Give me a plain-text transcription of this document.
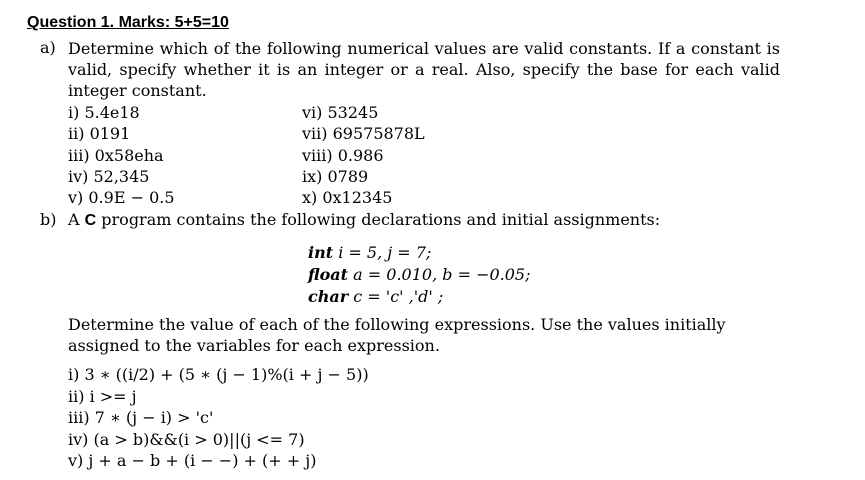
Question 1. Marks: 5+5=10
a) Determine which of the following numerical values are valid constants. If a constant is valid, specify whether it is an integer or a real. Also, specify the base for each valid integer constant.
i) 5.4e18
ii) 0191
iii) 0x58eha
iv) 52,345
v) 0.9E − 0.5
vi) 53245
vii) 69575878L
viii) 0.986
ix) 0789
x) 0x12345
b) A C program contains the following declarations and initial assignments:
int i = 5, j = 7;
float a = 0.010, b = −0.05;
char c = 'c' ,'d' ;
Determine the value of each of the following expressions. Use the values initially assigned to the variables for each expression.
i) 3 ∗ ((i/2) + (5 ∗ (j − 1)%(i + j − 5))
ii) i >= j
iii) 7 ∗ (j − i) > 'c'
iv) (a > b)&&(i > 0)||(j <= 7)
v) j + a − b + (i − −) + (+ + j)
